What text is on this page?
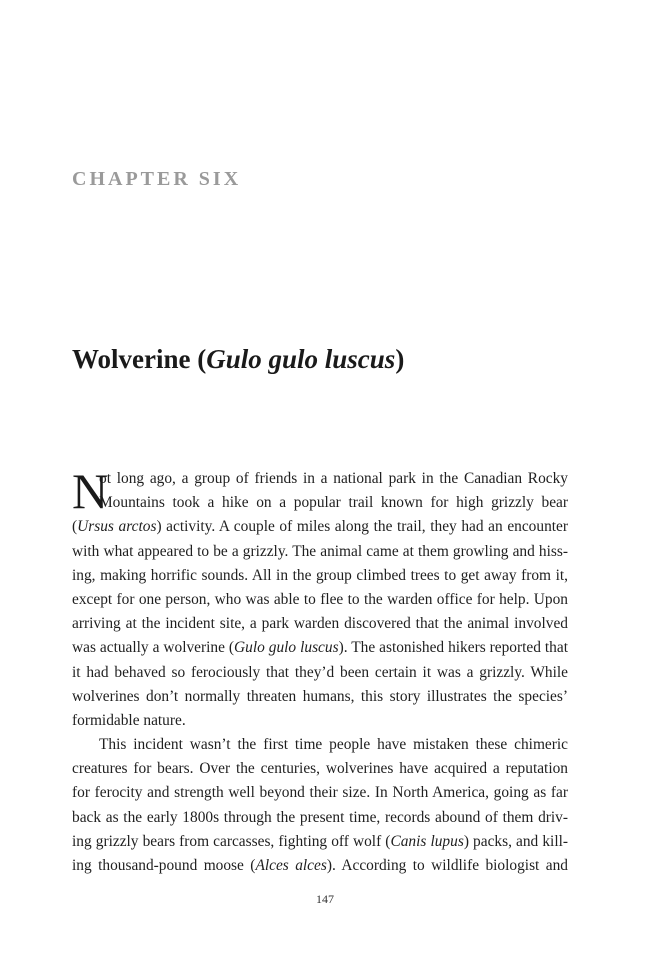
CHAPTER SIX
Wolverine (Gulo gulo luscus)
N
ot long ago, a group of friends in a national park in the Canadian Rocky
Mountains took a hike on a popular trail known for high grizzly bear
(Ursus arctos) activity. A couple of miles along the trail, they had an encounter
with what appeared to be a grizzly. The animal came at them growling and hiss-
ing, making horrific sounds. All in the group climbed trees to get away from it,
except for one person, who was able to flee to the warden office for help. Upon
arriving at the incident site, a park warden discovered that the animal involved
was actually a wolverine (Gulo gulo luscus). The astonished hikers reported that
it had behaved so ferociously that they’d been certain it was a grizzly. While
wolverines don’t normally threaten humans, this story illustrates the species’
formidable nature.
This incident wasn’t the first time people have mistaken these chimeric
creatures for bears. Over the centuries, wolverines have acquired a reputation
for ferocity and strength well beyond their size. In North America, going as far
back as the early 1800s through the present time, records abound of them driv-
ing grizzly bears from carcasses, fighting off wolf (Canis lupus) packs, and kill-
ing thousand-pound moose (Alces alces). According to wildlife biologist and
147
